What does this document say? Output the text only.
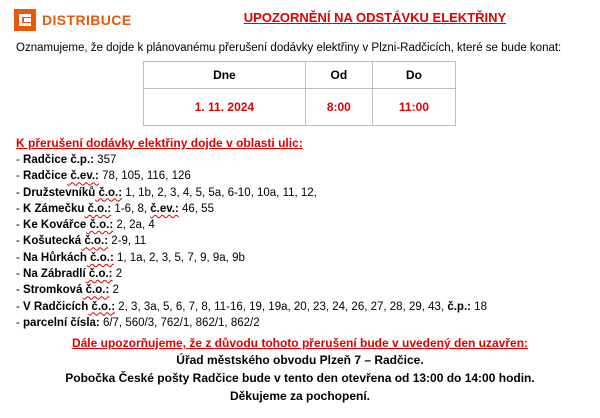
DISTRIBUCE	UPOZORNĚNÍ NA ODSTÁVKU ELEKTŘINY
Oznamujeme, že dojde k plánovanému přerušení dodávky elektřiny v Plzni-Radčicích, které se bude konat:
Dne	Od	Do
1. 11. 2024	8:00	11:00
K přerušení dodávky elektřiny dojde v oblasti ulic:
- Radčice č.p.: 357
- Radčice č.ev.: 78, 105, 116, 126
- Družstevníků č.o.: 1, 1b, 2, 3, 4, 5, 5a, 6-10, 10a, 11, 12,
- K Zámečku č.o.: 1-6, 8, č.ev.: 46, 55
- Ke Kovářce č.o.: 2, 2a, 4
- Košutecká č.o.: 2-9, 11
- Na Hůrkách č.o.: 1, 1a, 2, 3, 5, 7, 9, 9a, 9b
- Na Zábradlí č.o.: 2
- Stromková č.o.: 2
- V Radčicích č.o.: 2, 3, 3a, 5, 6, 7, 8, 11-16, 19, 19a, 20, 23, 24, 26, 27, 28, 29, 43, č.p.: 18
- parcelní čísla: 6/7, 560/3, 762/1, 862/1, 862/2
Dále upozorňujeme, že z důvodu tohoto přerušení bude v uvedený den uzavřen:
Úřad městského obvodu Plzeň 7 – Radčice.
Pobočka České pošty Radčice bude v tento den otevřena od 13:00 do 14:00 hodin.
Děkujeme za pochopení.
